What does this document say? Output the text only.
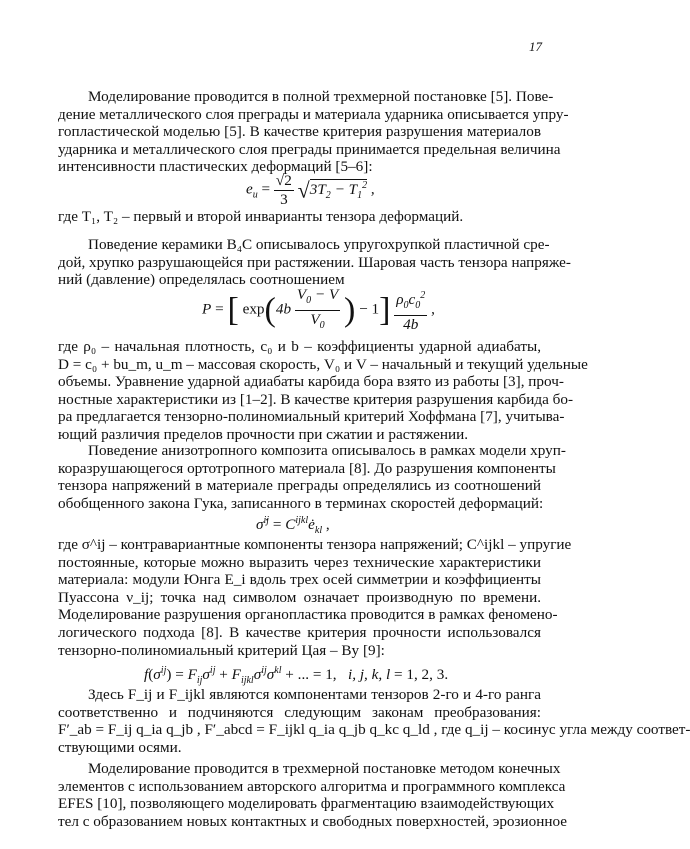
17
Моделирование проводится в полной трехмерной постановке [5]. Пове-
дение металлического слоя преграды и материала ударника описывается упру-
гопластической моделью [5]. В качестве критерия разрушения материалов
ударника и металлического слоя преграды принимается предельная величина
интенсивности пластических деформаций [5–6]:
$e_u = \frac{√2}{3} √3T_2 - T_1^2$ ,
где T₁, T₂ – первый и второй инварианты тензора деформаций.
Поведение керамики B₄C описывалось упругохрупкой пластичной сре-
дой, хрупко разрушающейся при растяжении. Шаровая часть тензора напряже-
ний (давление) определялась соотношением
P = [ $\exp(4b \frac{V_0 - V}{V_0}$ ) − $1] \frac{\rho_0c_0^2}{4b}$ ,
где ρ₀ – начальная плотность, c₀ и b – коэффициенты ударной адиабаты,
D = c₀ + bu_m, u_m – массовая скорость, V₀ и V – начальный и текущий удельные
объемы. Уравнение ударной адиабаты карбида бора взято из работы [3], проч-
ностные характеристики из [1–2]. В качестве критерия разрушения карбида бо-
ра предлагается тензорно-полиномиальный критерий Хоффмана [7], учитыва-
ющий различия пределов прочности при сжатии и растяжении.
Поведение анизотропного композита описывалось в рамках модели хруп-
коразрушающегося ортотропного материала [8]. До разрушения компоненты
тензора напряжений в материале преграды определялись из соотношений
обобщенного закона Гука, записанного в терминах скоростей деформаций:
σ̇$^{ij}$ = $C^{ijkl}ė_{kl}$ ,
где σ^ij – контравариантные компоненты тензора напряжений; C^ijkl – упругие
постоянные, которые можно выразить через технические характеристики
материала: модули Юнга E_i вдоль трех осей симметрии и коэффициенты
Пуассона ν_ij; точка над символом означает производную по времени.
Моделирование разрушения органопластика проводится в рамках феномено-
логического подхода [8]. В качестве критерия прочности использовался
тензорно-полиномиальный критерий Цая – By [9]:
$f(\sigma^{ij}) = F_{ij}\sigma^{ij} + F_{ijkl}\sigma^{ij}\sigma^{kl}$ + ... = 1,   i, j, k, l = 1, 2, 3.
Здесь F_ij и F_ijkl являются компонентами тензоров 2-го и 4-го ранга
соответственно и подчиняются следующим законам преобразования:
F′_ab = F_ij q_ia q_jb , F′_abcd = F_ijkl q_ia q_jb q_kc q_ld , где q_ij – косинус угла между соответ-
ствующими осями.
Моделирование проводится в трехмерной постановке методом конечных
элементов с использованием авторского алгоритма и программного комплекса
EFES [10], позволяющего моделировать фрагментацию взаимодействующих
тел с образованием новых контактных и свободных поверхностей, эрозионное
